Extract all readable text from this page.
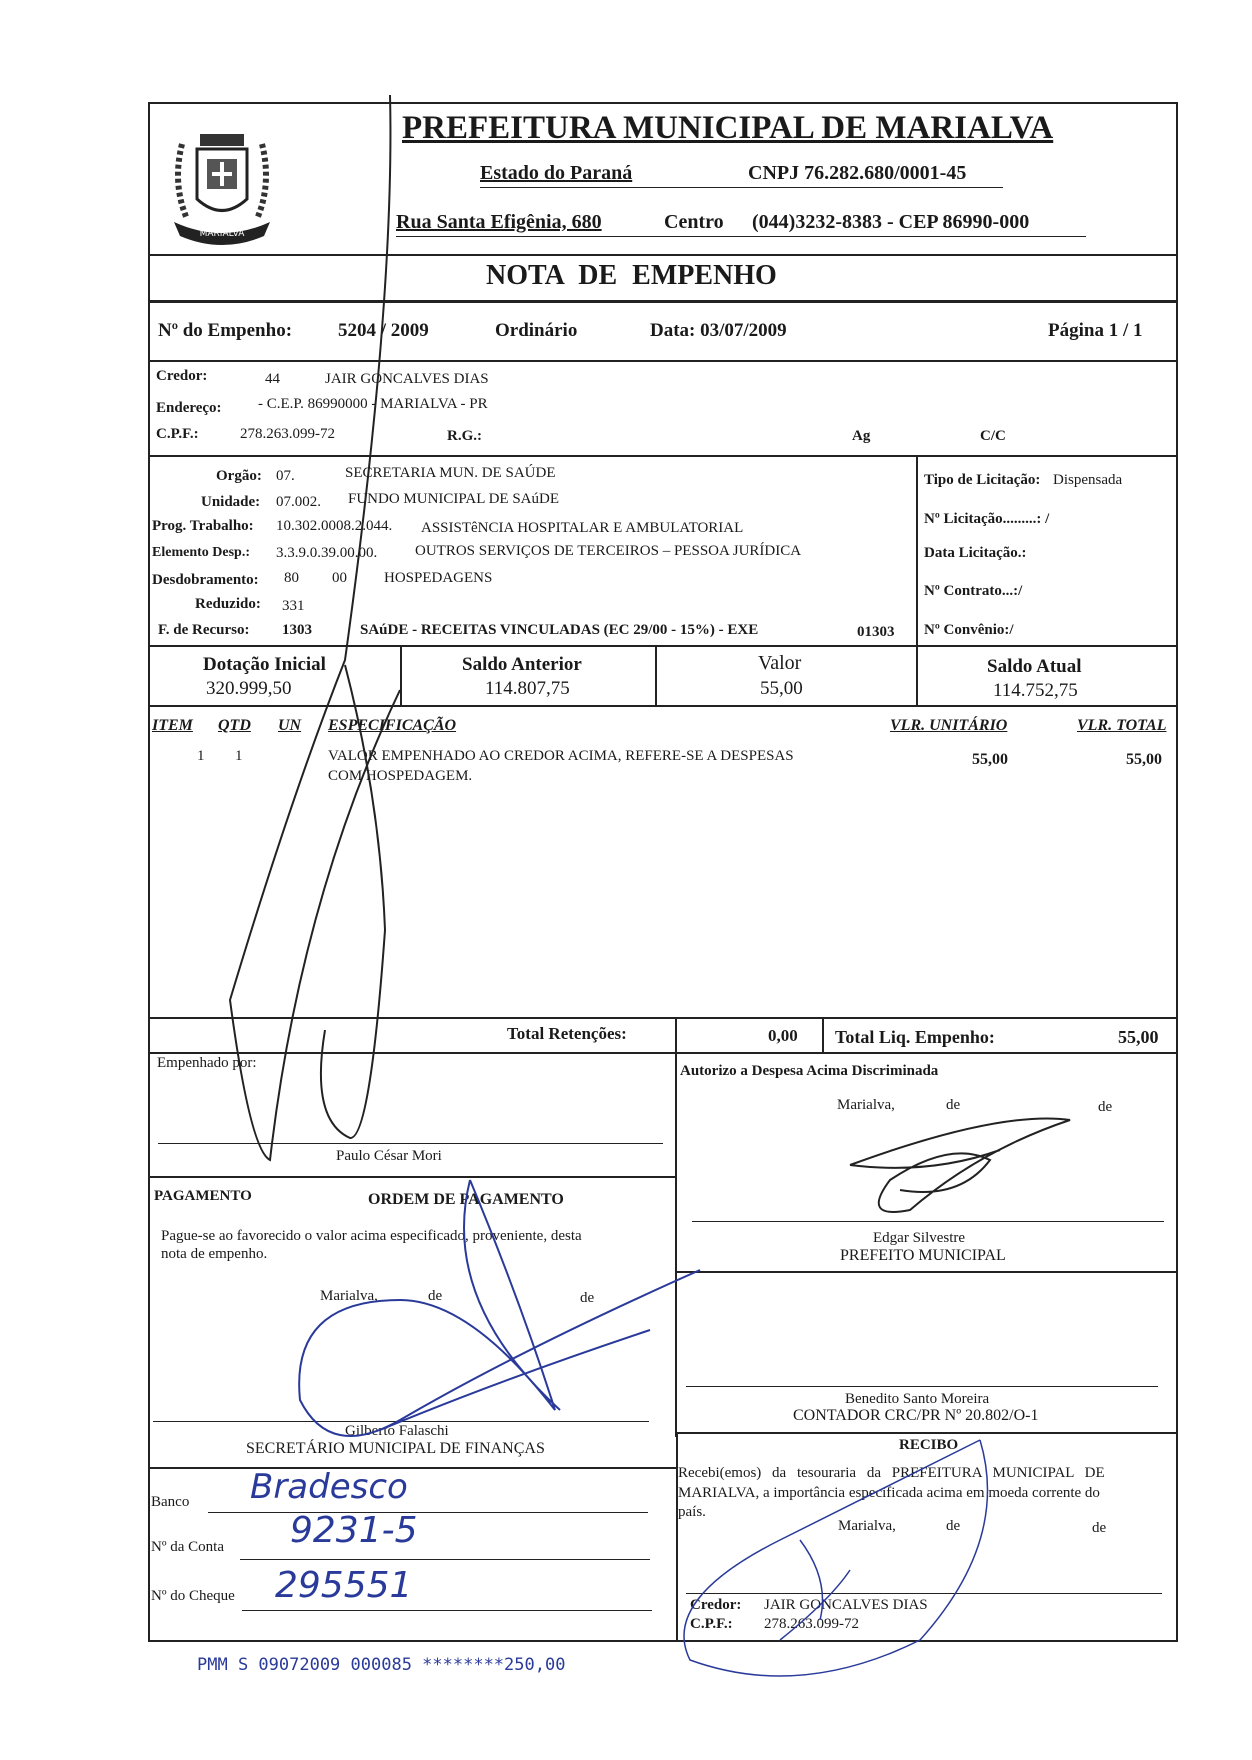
MARIALVA
PREFEITURA MUNICIPAL DE MARIALVA
Estado do Paraná	CNPJ 76.282.680/0001-45
Rua Santa Efigênia, 680	Centro (044)3232-8383 - CEP 86990-000
NOTA DE EMPENHO
Nº do Empenho: 5204 / 2009	Ordinário	Data: 03/07/2009	Página 1 / 1
Credor:	44	JAIR GONCALVES DIAS
Endereço: - C.E.P. 86990000 - MARIALVA - PR
C.P.F.:	278.263.099-72	R.G.:	Ag	C/C
Orgão: 07.	SECRETARIA MUN. DE SAÚDE
Unidade: 07.002. FUNDO MUNICIPAL DE SAúDE
Prog. Trabalho: 10.302.0008.2.044. ASSISTêNCIA HOSPITALAR E AMBULATORIAL
Elemento Desp.: 3.3.9.0.39.00.00.	OUTROS SERVIÇOS DE TERCEIROS – PESSOA JURÍDICA
Desdobramento: 80 00 HOSPEDAGENS
Reduzido: 331
F. de Recurso: 1303	SAúDE - RECEITAS VINCULADAS (EC 29/00 - 15%) - EXE	01303
Tipo de Licitação: Dispensada
Nº Licitação.........: /
Data Licitação.:
Nº Contrato...:/
Nº Convênio:/
Dotação Inicial
320.999,50
Saldo Anterior
114.807,75
Valor
55,00
Saldo Atual
114.752,75
ITEM QTD UN ESPECIFICAÇÃO	VLR. UNITÁRIO	VLR. TOTAL
1 1	VALOR EMPENHADO AO CREDOR ACIMA, REFERE-SE A DESPESAS
COM HOSPEDAGEM.
55,00	55,00
Total Retenções:	0,00 Total Liq. Empenho:	55,00
Empenhado por:
Paulo César Mori
Autorizo a Despesa Acima Discriminada
Marialva,	de	de
Edgar Silvestre
PREFEITO MUNICIPAL
PAGAMENTO	ORDEM DE PAGAMENTO
Pague-se ao favorecido o valor acima especificado, proveniente, desta
nota de empenho.
Marialva,	de	de
Gilberto Falaschi
SECRETÁRIO MUNICIPAL DE FINANÇAS
Benedito Santo Moreira
CONTADOR CRC/PR Nº 20.802/O-1
Banco Bradesco
Nº da Conta 9231-5
Nº do Cheque 295551
RECIBO
Recebi(emos) da tesouraria da PREFEITURA MUNICIPAL DE
MARIALVA, a importância especificada acima em moeda corrente do
país.
Marialva,	de	de
Credor: JAIR GONCALVES DIAS
C.P.F.: 278.263.099-72
PMM S 09072009 000085 ********250,00
